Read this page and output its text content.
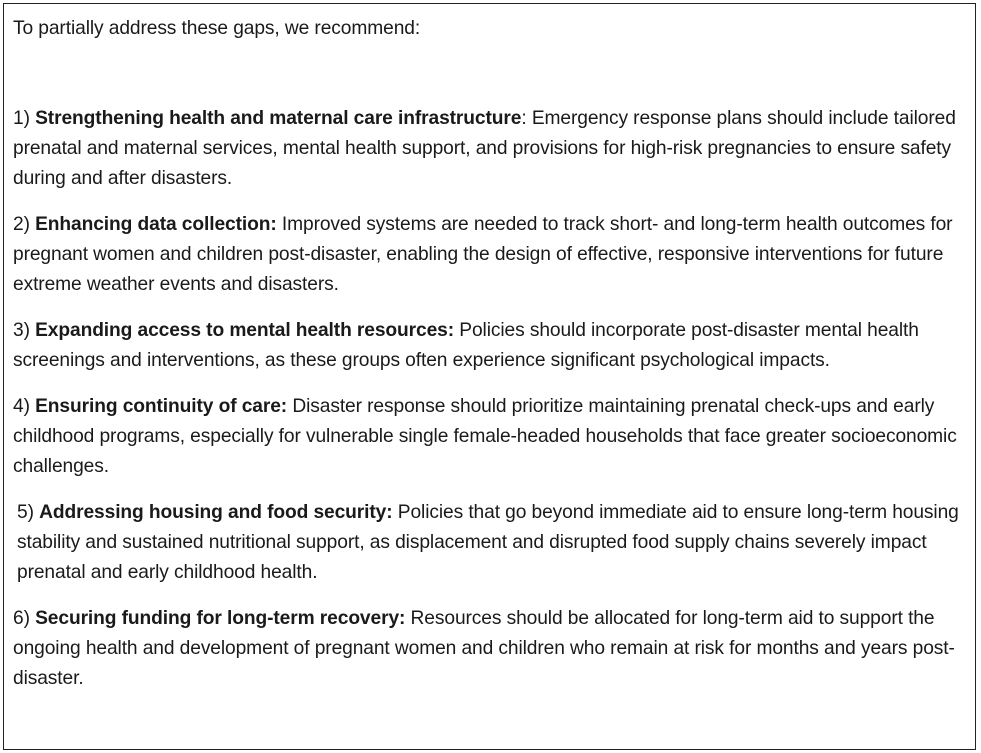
To partially address these gaps, we recommend:

1) Strengthening health and maternal care infrastructure: Emergency response plans should include tailored prenatal and maternal services, mental health support, and provisions for high-risk pregnancies to ensure safety during and after disasters.

2) Enhancing data collection: Improved systems are needed to track short- and long-term health outcomes for pregnant women and children post-disaster, enabling the design of effective, responsive interventions for future extreme weather events and disasters.

3) Expanding access to mental health resources: Policies should incorporate post-disaster mental health screenings and interventions, as these groups often experience significant psychological impacts.

4) Ensuring continuity of care: Disaster response should prioritize maintaining prenatal check-ups and early childhood programs, especially for vulnerable single female-headed households that face greater socioeconomic challenges.

5) Addressing housing and food security: Policies that go beyond immediate aid to ensure long-term housing stability and sustained nutritional support, as displacement and disrupted food supply chains severely impact prenatal and early childhood health.

6) Securing funding for long-term recovery: Resources should be allocated for long-term aid to support the ongoing health and development of pregnant women and children who remain at risk for months and years post-disaster.
